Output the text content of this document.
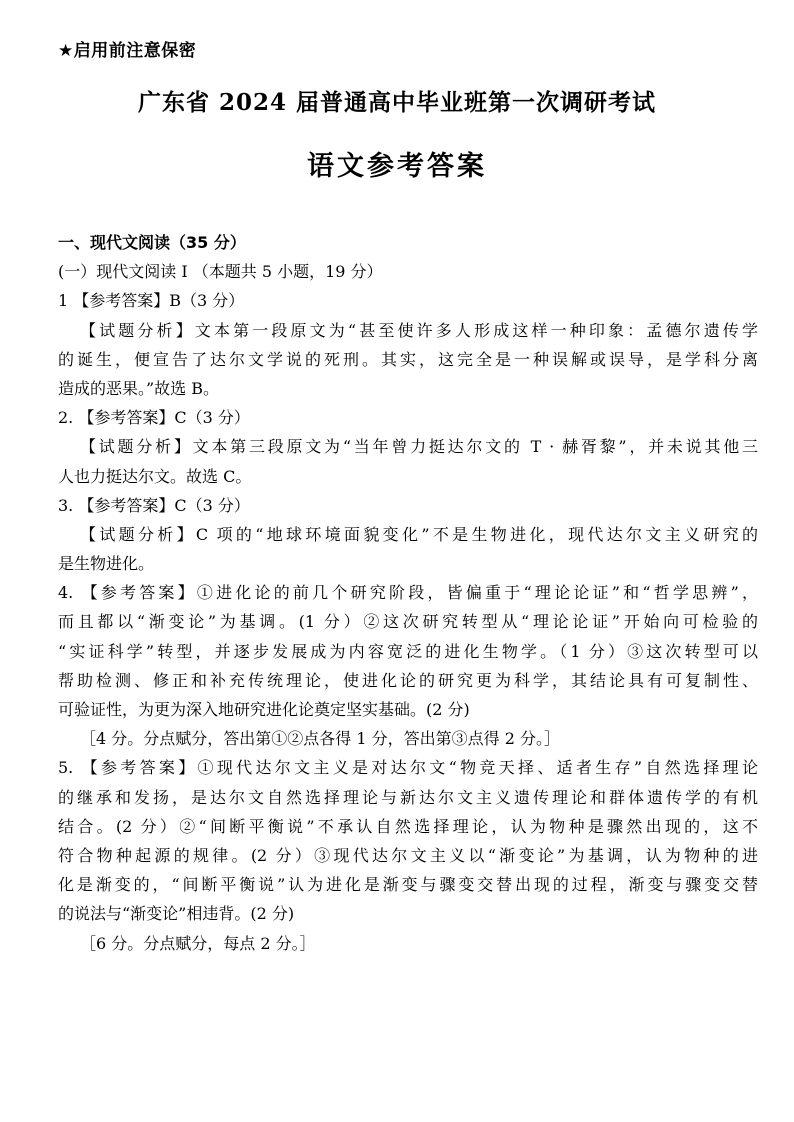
★启用前注意保密
广东省 2024 届普通高中毕业班第一次调研考试
语文参考答案
一、现代文阅读（35 分）
(一）现代文阅读 I （本题共 5 小题，19 分）
1 【参考答案】B（3 分）
【试题分析】文本第一段原文为“甚至使许多人形成这样一种印象：孟德尔遗传学
的诞生，便宣告了达尔文学说的死刑。其实，这完全是一种误解或误导，是学科分离
造成的恶果。”故选 B。
2. 【参考答案】C（3 分）
【试题分析】文本第三段原文为“当年曾力挺达尔文的 T · 赫胥黎”，并未说其他三
人也力挺达尔文。故选 C。
3. 【参考答案】C（3 分）
【试题分析】C 项的“地球环境面貌变化”不是生物进化，现代达尔文主义研究的
是生物进化。
4. 【参考答案】①进化论的前几个研究阶段，皆偏重于“理论论证”和“哲学思辨”，
而且都以“渐变论”为基调。(1 分）②这次研究转型从“理论论证”开始向可检验的
“实证科学”转型，并逐步发展成为内容宽泛的进化生物学。（1 分）③这次转型可以
帮助检测、修正和补充传统理论，使进化论的研究更为科学，其结论具有可复制性、
可验证性，为更为深入地研究进化论奠定坚实基础。(2 分)
［4 分。分点赋分，答出第①②点各得 1 分，答出第③点得 2 分。］
5. 【参考答案】①现代达尔文主义是对达尔文“物竞天择、适者生存”自然选择理论
的继承和发扬，是达尔文自然选择理论与新达尔文主义遗传理论和群体遗传学的有机
结合。(2 分）②“间断平衡说”不承认自然选择理论，认为物种是骤然出现的，这不
符合物种起源的规律。(2 分）③现代达尔文主义以“渐变论”为基调，认为物种的进
化是渐变的，“间断平衡说”认为进化是渐变与骤变交替出现的过程，渐变与骤变交替
的说法与“渐变论”相违背。(2 分)
［6 分。分点赋分，每点 2 分。］
